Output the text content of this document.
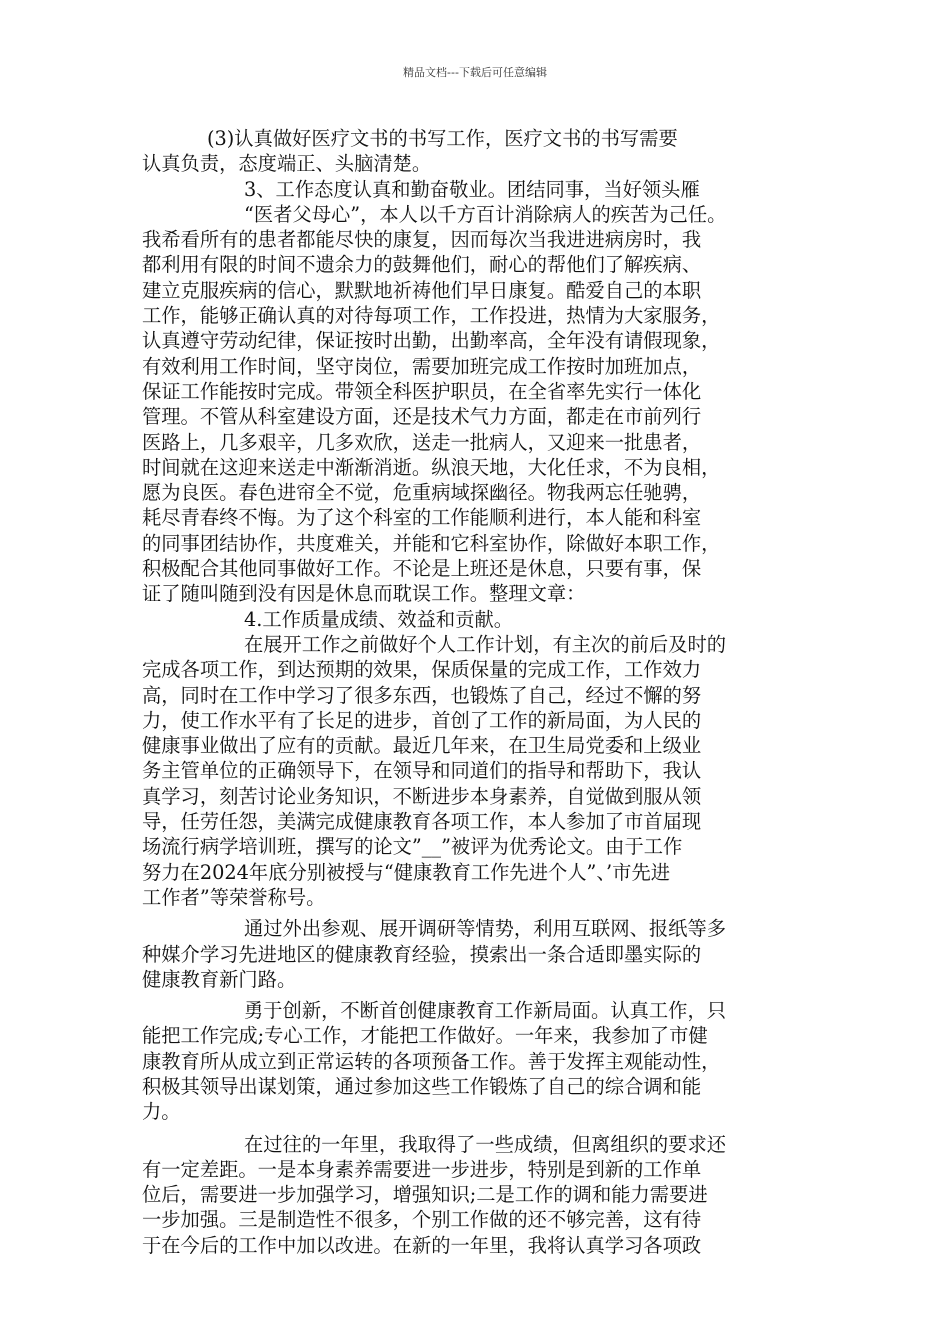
精品文档---下载后可任意编辑

(3)认真做好医疗文书的书写工作，医疗文书的书写需要

认真负责，态度端正、头脑清楚。

3、工作态度认真和勤奋敬业。团结同事，当好领头雁

“医者父母心”，本人以千方百计消除病人的疾苦为己任。

我希看所有的患者都能尽快的康复，因而每次当我进进病房时，我

都利用有限的时间不遗余力的鼓舞他们，耐心的帮他们了解疾病、

建立克服疾病的信心，默默地祈祷他们早日康复。酷爱自己的本职

工作，能够正确认真的对待每项工作，工作投进，热情为大家服务，

认真遵守劳动纪律，保证按时出勤，出勤率高，全年没有请假现象，

有效利用工作时间，坚守岗位，需要加班完成工作按时加班加点，

保证工作能按时完成。带领全科医护职员，在全省率先实行一体化

管理。不管从科室建设方面，还是技术气力方面，都走在市前列行

医路上，几多艰辛，几多欢欣，送走一批病人，又迎来一批患者，

时间就在这迎来送走中渐渐消逝。纵浪天地，大化任求，不为良相，

愿为良医。春色进帘全不觉，危重病域探幽径。物我两忘任驰骋，

耗尽青春终不悔。为了这个科室的工作能顺利进行，本人能和科室

的同事团结协作，共度难关，并能和它科室协作，除做好本职工作，

积极配合其他同事做好工作。不论是上班还是休息，只要有事，保

证了随叫随到没有因是休息而耽误工作。整理文章：

4.工作质量成绩、效益和贡献。

在展开工作之前做好个人工作计划，有主次的前后及时的

完成各项工作，到达预期的效果，保质保量的完成工作，工作效力

高，同时在工作中学习了很多东西，也锻炼了自己，经过不懈的努

力，使工作水平有了长足的进步，首创了工作的新局面，为人民的

健康事业做出了应有的贡献。最近几年来，在卫生局党委和上级业

务主管单位的正确领导下，在领导和同道们的指导和帮助下，我认

真学习，刻苦讨论业务知识，不断进步本身素养，自觉做到服从领

导，任劳任怨，美满完成健康教育各项工作，本人参加了市首届现

场流行病学培训班，撰写的论文”__”被评为优秀论文。由于工作

努力在2024年底分别被授与“健康教育工作先进个人”、’市先进

工作者”等荣誉称号。

通过外出参观、展开调研等情势，利用互联网、报纸等多

种媒介学习先进地区的健康教育经验，摸索出一条合适即墨实际的

健康教育新门路。

勇于创新，不断首创健康教育工作新局面。认真工作，只

能把工作完成;专心工作，才能把工作做好。一年来，我参加了市健

康教育所从成立到正常运转的各项预备工作。善于发挥主观能动性，

积极其领导出谋划策，通过参加这些工作锻炼了自己的综合调和能

力。

在过往的一年里，我取得了一些成绩，但离组织的要求还

有一定差距。一是本身素养需要进一步进步，特别是到新的工作单

位后，需要进一步加强学习，增强知识;二是工作的调和能力需要进

一步加强。三是制造性不很多，个别工作做的还不够完善，这有待

于在今后的工作中加以改进。在新的一年里，我将认真学习各项政
